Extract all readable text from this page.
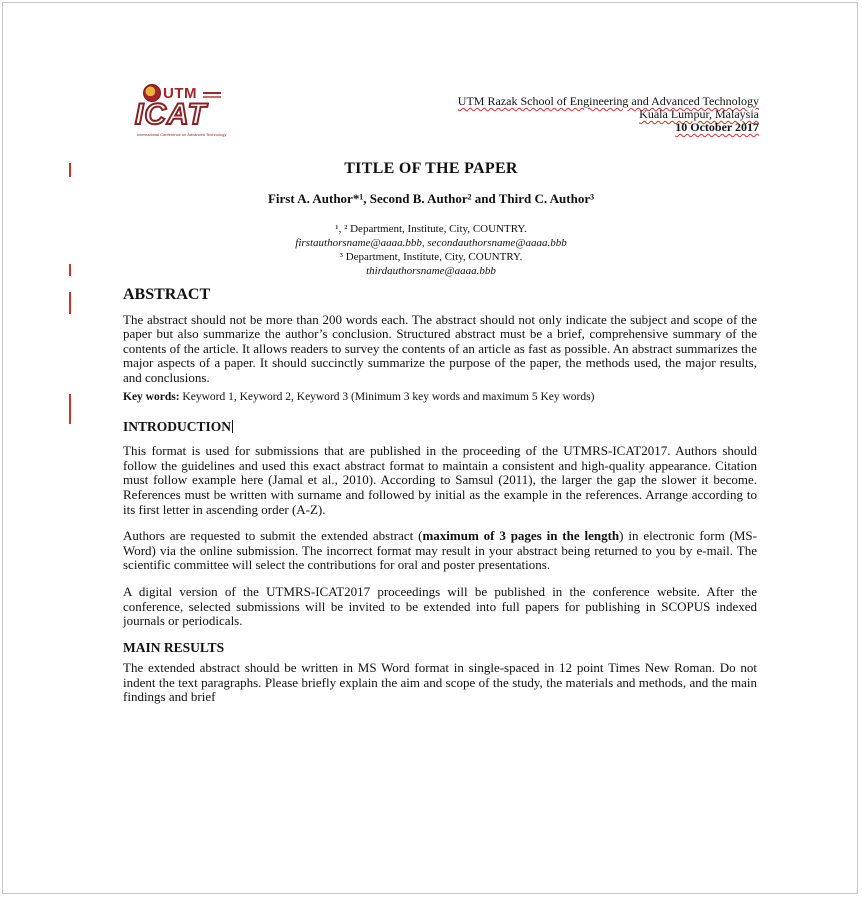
UTM
ICAT
International Conference on Advanced Technology
UTM Razak School of Engineering and Advanced Technology
Kuala Lumpur, Malaysia
10 October 2017
TITLE OF THE PAPER
First A. Author*¹, Second B. Author² and Third C. Author³
¹, ² Department, Institute, City, COUNTRY.
firstauthorsname@aaaa.bbb, secondauthorsname@aaaa.bbb
³ Department, Institute, City, COUNTRY.
thirdauthorsname@aaaa.bbb
ABSTRACT

The abstract should not be more than 200 words each. The abstract should not only indicate the subject and scope of the paper but also summarize the author’s conclusion. Structured abstract must be a brief, comprehensive summary of the contents of the article. It allows readers to survey the contents of an article as fast as possible. An abstract summarizes the major aspects of a paper. It should succinctly summarize the purpose of the paper, the methods used, the major results, and conclusions.

Key words: Keyword 1, Keyword 2, Keyword 3 (Minimum 3 key words and maximum 5 Key words)

INTRODUCTION

This format is used for submissions that are published in the proceeding of the UTMRS-ICAT2017. Authors should follow the guidelines and used this exact abstract format to maintain a consistent and high-quality appearance. Citation must follow example here (Jamal et al., 2010). According to Samsul (2011), the larger the gap the slower it become. References must be written with surname and followed by initial as the example in the references. Arrange according to its first letter in ascending order (A-Z).

Authors are requested to submit the extended abstract (maximum of 3 pages in the length) in electronic form (MS-Word) via the online submission. The incorrect format may result in your abstract being returned to you by e-mail. The scientific committee will select the contributions for oral and poster presentations.

A digital version of the UTMRS-ICAT2017 proceedings will be published in the conference website. After the conference, selected submissions will be invited to be extended into full papers for publishing in SCOPUS indexed journals or periodicals.

MAIN RESULTS

The extended abstract should be written in MS Word format in single-spaced in 12 point Times New Roman. Do not indent the text paragraphs. Please briefly explain the aim and scope of the study, the materials and methods, and the main findings and brief
